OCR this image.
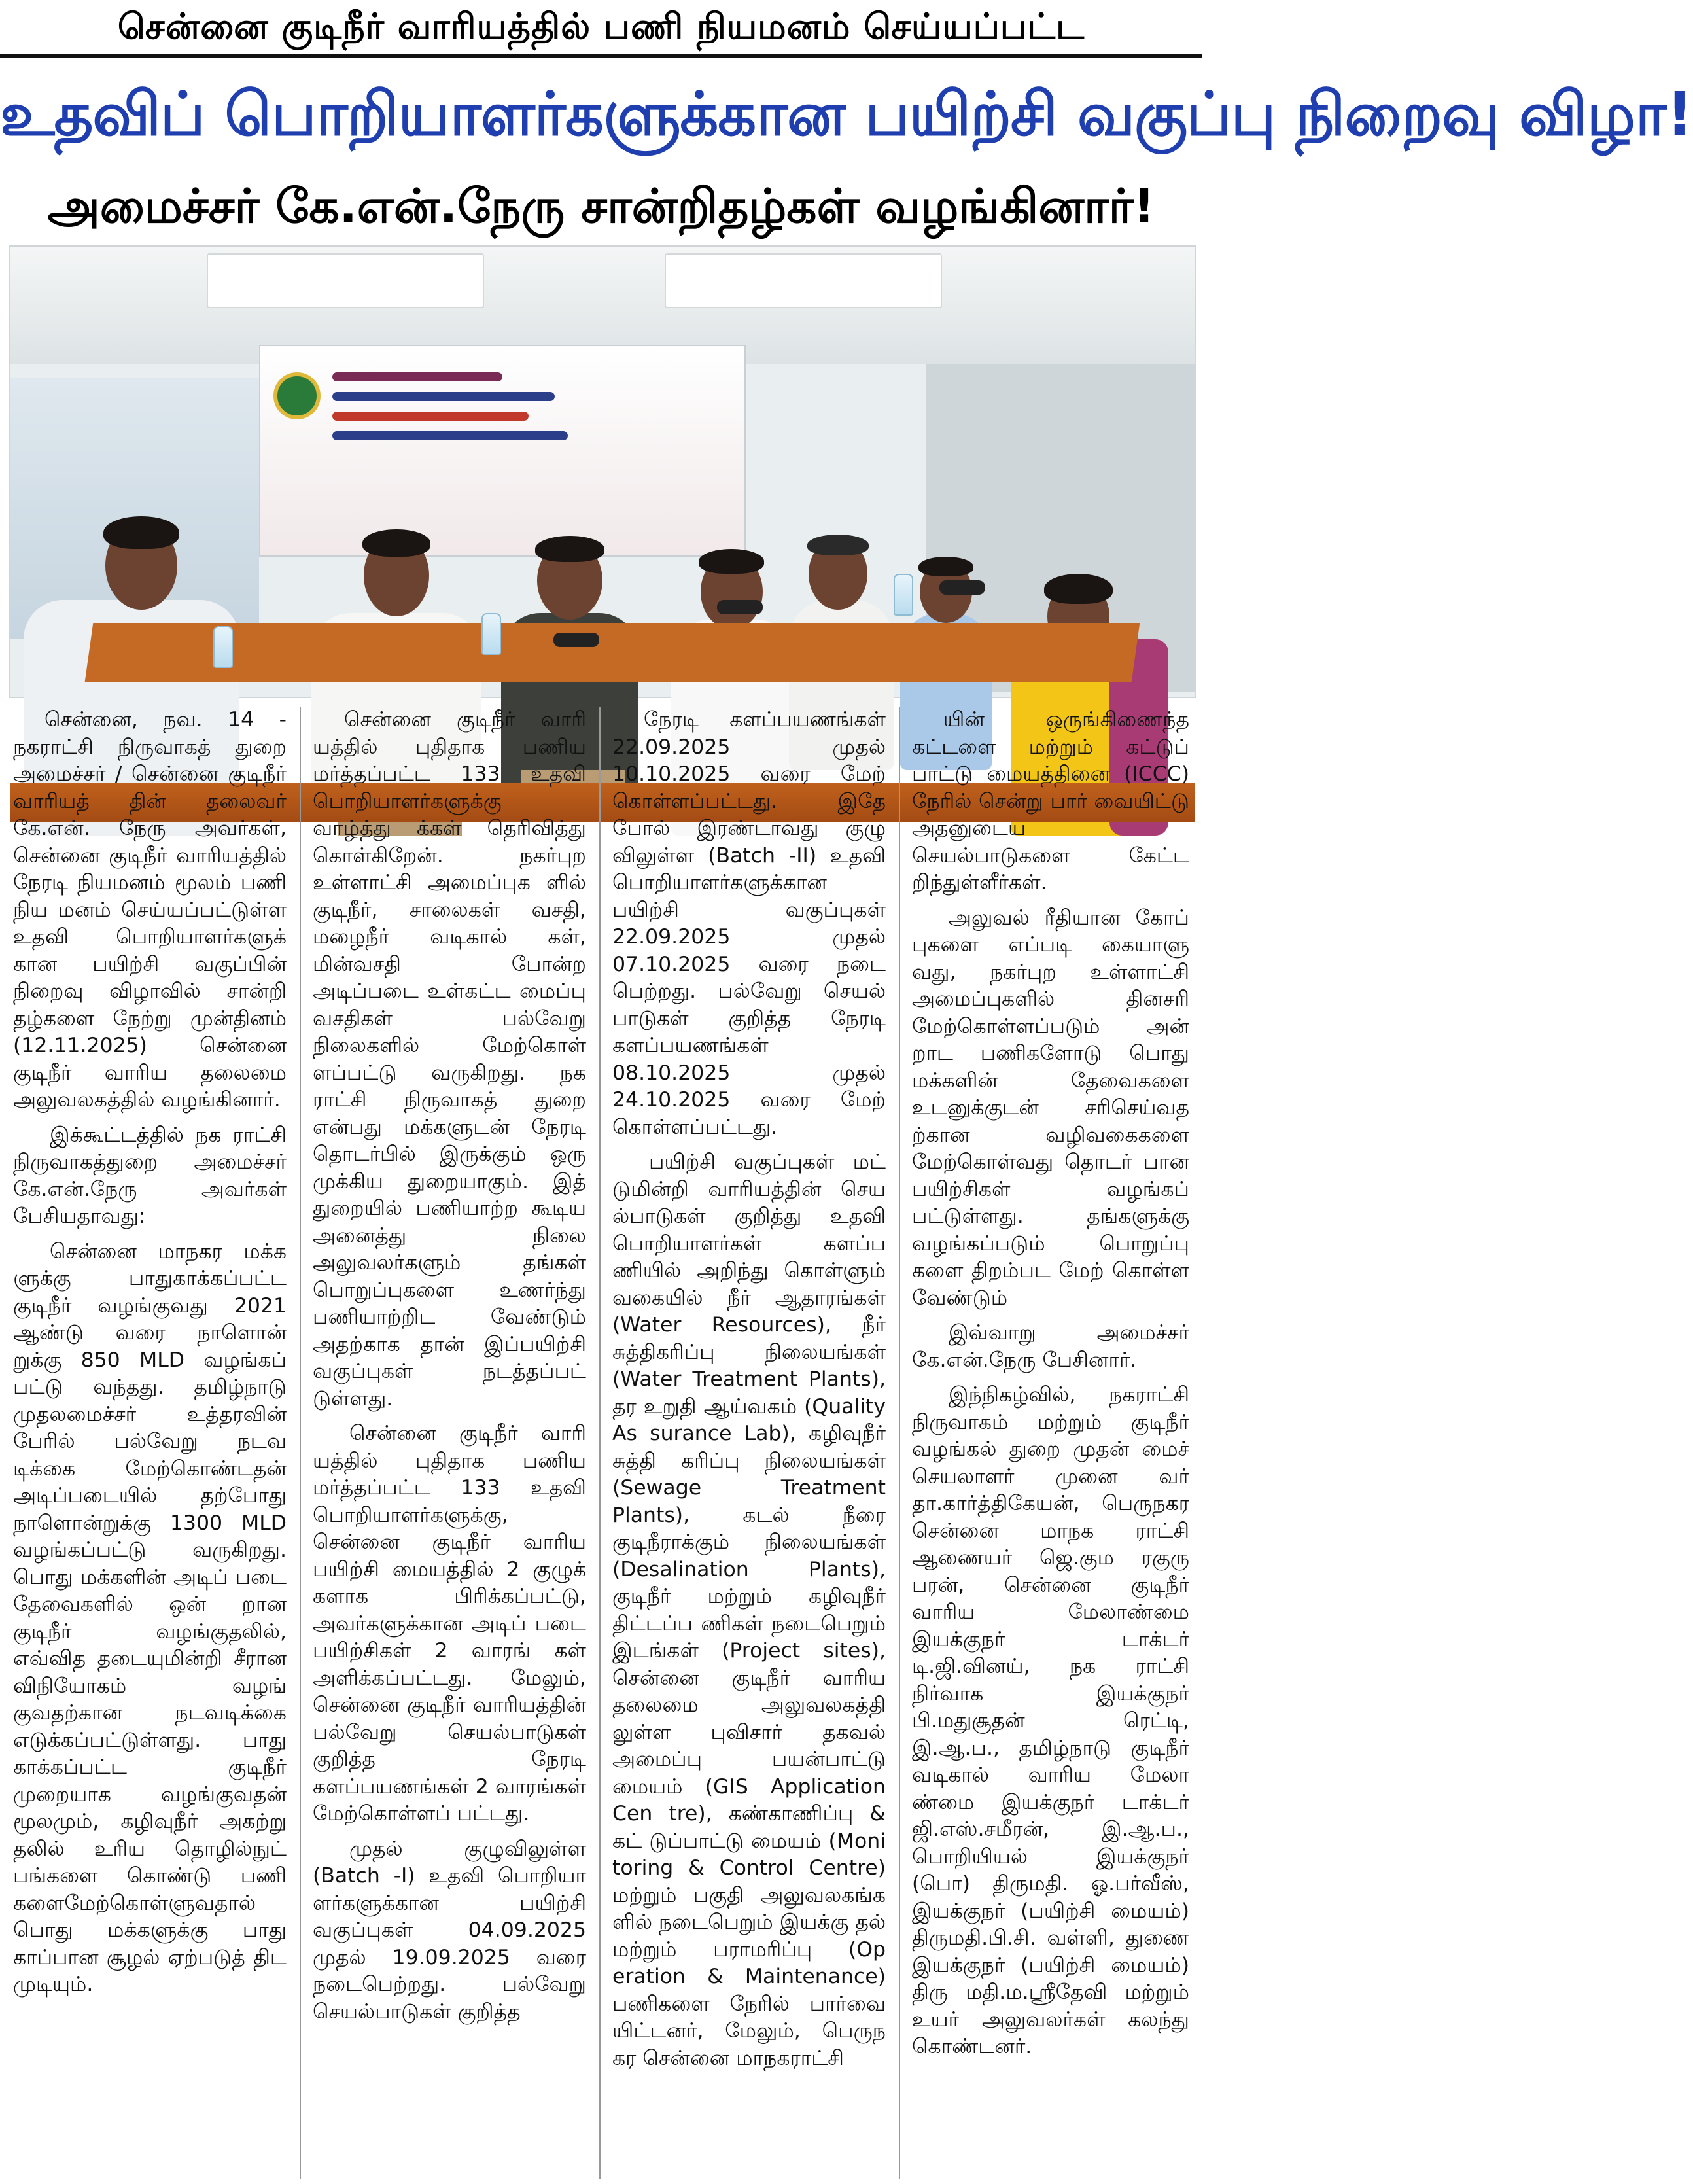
சென்னை குடிநீர் வாரியத்தில் பணி நியமனம் செய்யப்பட்ட
உதவிப் பொறியாளர்களுக்கான பயிற்சி வகுப்பு நிறைவு விழா!
அமைச்சர் கே.என்.நேரு சான்றிதழ்கள் வழங்கினார்!

சென்னை, நவ. 14 - நகராட்சி நிருவாகத் துறை அமைச்சர் / சென்னை குடிநீர் வாரியத் தின் தலைவர் கே.என். நேரு அவர்கள், சென்னை குடிநீர் வாரியத்தில் நேரடி நியமனம் மூலம் பணி நிய மனம் செய்யப்பட்டுள்ள உதவி பொறியாளர்களுக் கான பயிற்சி வகுப்பின் நிறைவு விழாவில் சான்றி தழ்களை நேற்று முன்தினம் (12.11.2025) சென்னை குடிநீர் வாரிய தலைமை அலுவலகத்தில் வழங்கினார்.

இக்கூட்டத்தில் நக ராட்சி நிருவாகத்துறை அமைச்சர் கே.என்.நேரு அவர்கள் பேசியதாவது:

சென்னை மாநகர மக்க ளுக்கு பாதுகாக்கப்பட்ட குடிநீர் வழங்குவது 2021 ஆண்டு வரை நாளொன் றுக்கு 850 MLD வழங்கப் பட்டு வந்தது. தமிழ்நாடு முதலமைச்சர் உத்தரவின் பேரில் பல்வேறு நடவ டிக்கை மேற்கொண்டதன் அடிப்படையில் தற்போது நாளொன்றுக்கு 1300 MLD வழங்கப்பட்டு வருகிறது. பொது மக்களின் அடிப் படை தேவைகளில் ஒன் றான குடிநீர் வழங்குதலில், எவ்வித தடையுமின்றி சீரான விநியோகம் வழங் குவதற்கான நடவடிக்கை எடுக்கப்பட்டுள்ளது. பாது காக்கப்பட்ட குடிநீர் முறையாக வழங்குவதன் மூலமும், கழிவுநீர் அகற்று தலில் உரிய தொழில்நுட் பங்களை கொண்டு பணி களைமேற்கொள்ளுவதால் பொது மக்களுக்கு பாது காப்பான சூழல் ஏற்படுத் திட முடியும்.

சென்னை குடிநீர் வாரி யத்தில் புதிதாக பணிய மர்த்தப்பட்ட 133 உதவி பொறியாளர்களுக்கு வாழ்த்து க்கள் தெரிவித்து கொள்கிறேன். நகர்புற உள்ளாட்சி அமைப்புக ளில் குடிநீர், சாலைகள் வசதி, மழைநீர் வடிகால் கள், மின்வசதி போன்ற அடிப்படை உள்கட்ட மைப்பு வசதிகள் பல்வேறு நிலைகளில் மேற்கொள் ளப்பட்டு வருகிறது. நக ராட்சி நிருவாகத் துறை என்பது மக்களுடன் நேரடி தொடர்பில் இருக்கும் ஒரு முக்கிய துறையாகும். இத் துறையில் பணியாற்ற கூடிய அனைத்து நிலை அலுவலர்களும் தங்கள் பொறுப்புகளை உணர்ந்து பணியாற்றிட வேண்டும் அதற்காக தான் இப்பயிற்சி வகுப்புகள் நடத்தப்பட் டுள்ளது.

சென்னை குடிநீர் வாரி யத்தில் புதிதாக பணிய மர்த்தப்பட்ட 133 உதவி பொறியாளர்களுக்கு, சென்னை குடிநீர் வாரிய பயிற்சி மையத்தில் 2 குழுக் களாக பிரிக்கப்பட்டு, அவர்களுக்கான அடிப் படை பயிற்சிகள் 2 வாரங் கள் அளிக்கப்பட்டது. மேலும், சென்னை குடிநீர் வாரியத்தின் பல்வேறு செயல்பாடுகள் குறித்த நேரடி களப்பயணங்கள் 2 வாரங்கள் மேற்கொள்ளப் பட்டது.

முதல் குழுவிலுள்ள (Batch -I) உதவி பொறியா ளர்களுக்கான பயிற்சி வகுப்புகள் 04.09.2025 முதல் 19.09.2025 வரை நடைபெற்றது. பல்வேறு செயல்பாடுகள் குறித்த

நேரடி களப்பயணங்கள் 22.09.2025 முதல் 10.10.2025 வரை மேற் கொள்ளப்பட்டது. இதே போல் இரண்டாவது குழு விலுள்ள (Batch -II) உதவி பொறியாளர்களுக்கான பயிற்சி வகுப்புகள் 22.09.2025 முதல் 07.10.2025 வரை நடை பெற்றது. பல்வேறு செயல் பாடுகள் குறித்த நேரடி களப்பயணங்கள் 08.10.2025 முதல் 24.10.2025 வரை மேற் கொள்ளப்பட்டது.

பயிற்சி வகுப்புகள் மட் டுமின்றி வாரியத்தின் செய ல்பாடுகள் குறித்து உதவி பொறியாளர்கள் களப்ப ணியில் அறிந்து கொள்ளும் வகையில் நீர் ஆதாரங்கள் (Water Resources), நீர் சுத்திகரிப்பு நிலையங்கள் (Water Treatment Plants), தர உறுதி ஆய்வகம் (Quality As surance Lab), கழிவுநீர் சுத்தி கரிப்பு நிலையங்கள் (Sewage Treatment Plants), கடல் நீரை குடிநீராக்கும் நிலையங்கள் (Desalination Plants), குடிநீர் மற்றும் கழிவுநீர் திட்டப்ப ணிகள் நடைபெறும் இடங்கள் (Project sites), சென்னை குடிநீர் வாரிய தலைமை அலுவலகத்தி லுள்ள புவிசார் தகவல் அமைப்பு பயன்பாட்டு மையம் (GIS Application Cen tre), கண்காணிப்பு & கட் டுப்பாட்டு மையம் (Moni toring & Control Centre) மற்றும் பகுதி அலுவலகங்க ளில் நடைபெறும் இயக்கு தல் மற்றும் பராமரிப்பு (Op eration & Maintenance) பணிகளை நேரில் பார்வை யிட்டனர், மேலும், பெருந கர சென்னை மாநகராட்சி

யின் ஒருங்கிணைந்த கட்டளை மற்றும் கட்டுப் பாட்டு மையத்தினை (ICCC) நேரில் சென்று பார் வையிட்டு அதனுடைய செயல்பாடுகளை கேட்ட றிந்துள்ளீர்கள்.

அலுவல் ரீதியான கோப் புகளை எப்படி கையாளு வது, நகர்புற உள்ளாட்சி அமைப்புகளில் தினசரி மேற்கொள்ளப்படும் அன் றாட பணிகளோடு பொது மக்களின் தேவைகளை உடனுக்குடன் சரிசெய்வத ற்கான வழிவகைகளை மேற்கொள்வது தொடர் பான பயிற்சிகள் வழங்கப் பட்டுள்ளது. தங்களுக்கு வழங்கப்படும் பொறுப்பு களை திறம்பட மேற் கொள்ள வேண்டும்

இவ்வாறு அமைச்சர் கே.என்.நேரு பேசினார்.

இந்நிகழ்வில், நகராட்சி நிருவாகம் மற்றும் குடிநீர் வழங்கல் துறை முதன் மைச் செயலாளர் முனை வர் தா.கார்த்திகேயன், பெருநகர சென்னை மாநக ராட்சி ஆணையர் ஜெ.கும ரகுரு பரன், சென்னை குடிநீர் வாரிய மேலாண்மை இயக்குநர் டாக்டர் டி.ஜி.வினய், நக ராட்சி நிர்வாக இயக்குநர் பி.மதுசூதன் ரெட்டி, இ.ஆ.ப., தமிழ்நாடு குடிநீர் வடிகால் வாரிய மேலா ண்மை இயக்குநர் டாக்டர் ஜி.எஸ்.சமீரன், இ.ஆ.ப., பொறியியல் இயக்குநர் (பொ) திருமதி. ஓ.பர்வீஸ், இயக்குநர் (பயிற்சி மையம்) திருமதி.பி.சி. வள்ளி, துணை இயக்குநர் (பயிற்சி மையம்) திரு மதி.ம.ஸ்ரீதேவி மற்றும் உயர் அலுவலர்கள் கலந்து கொண்டனர்.
